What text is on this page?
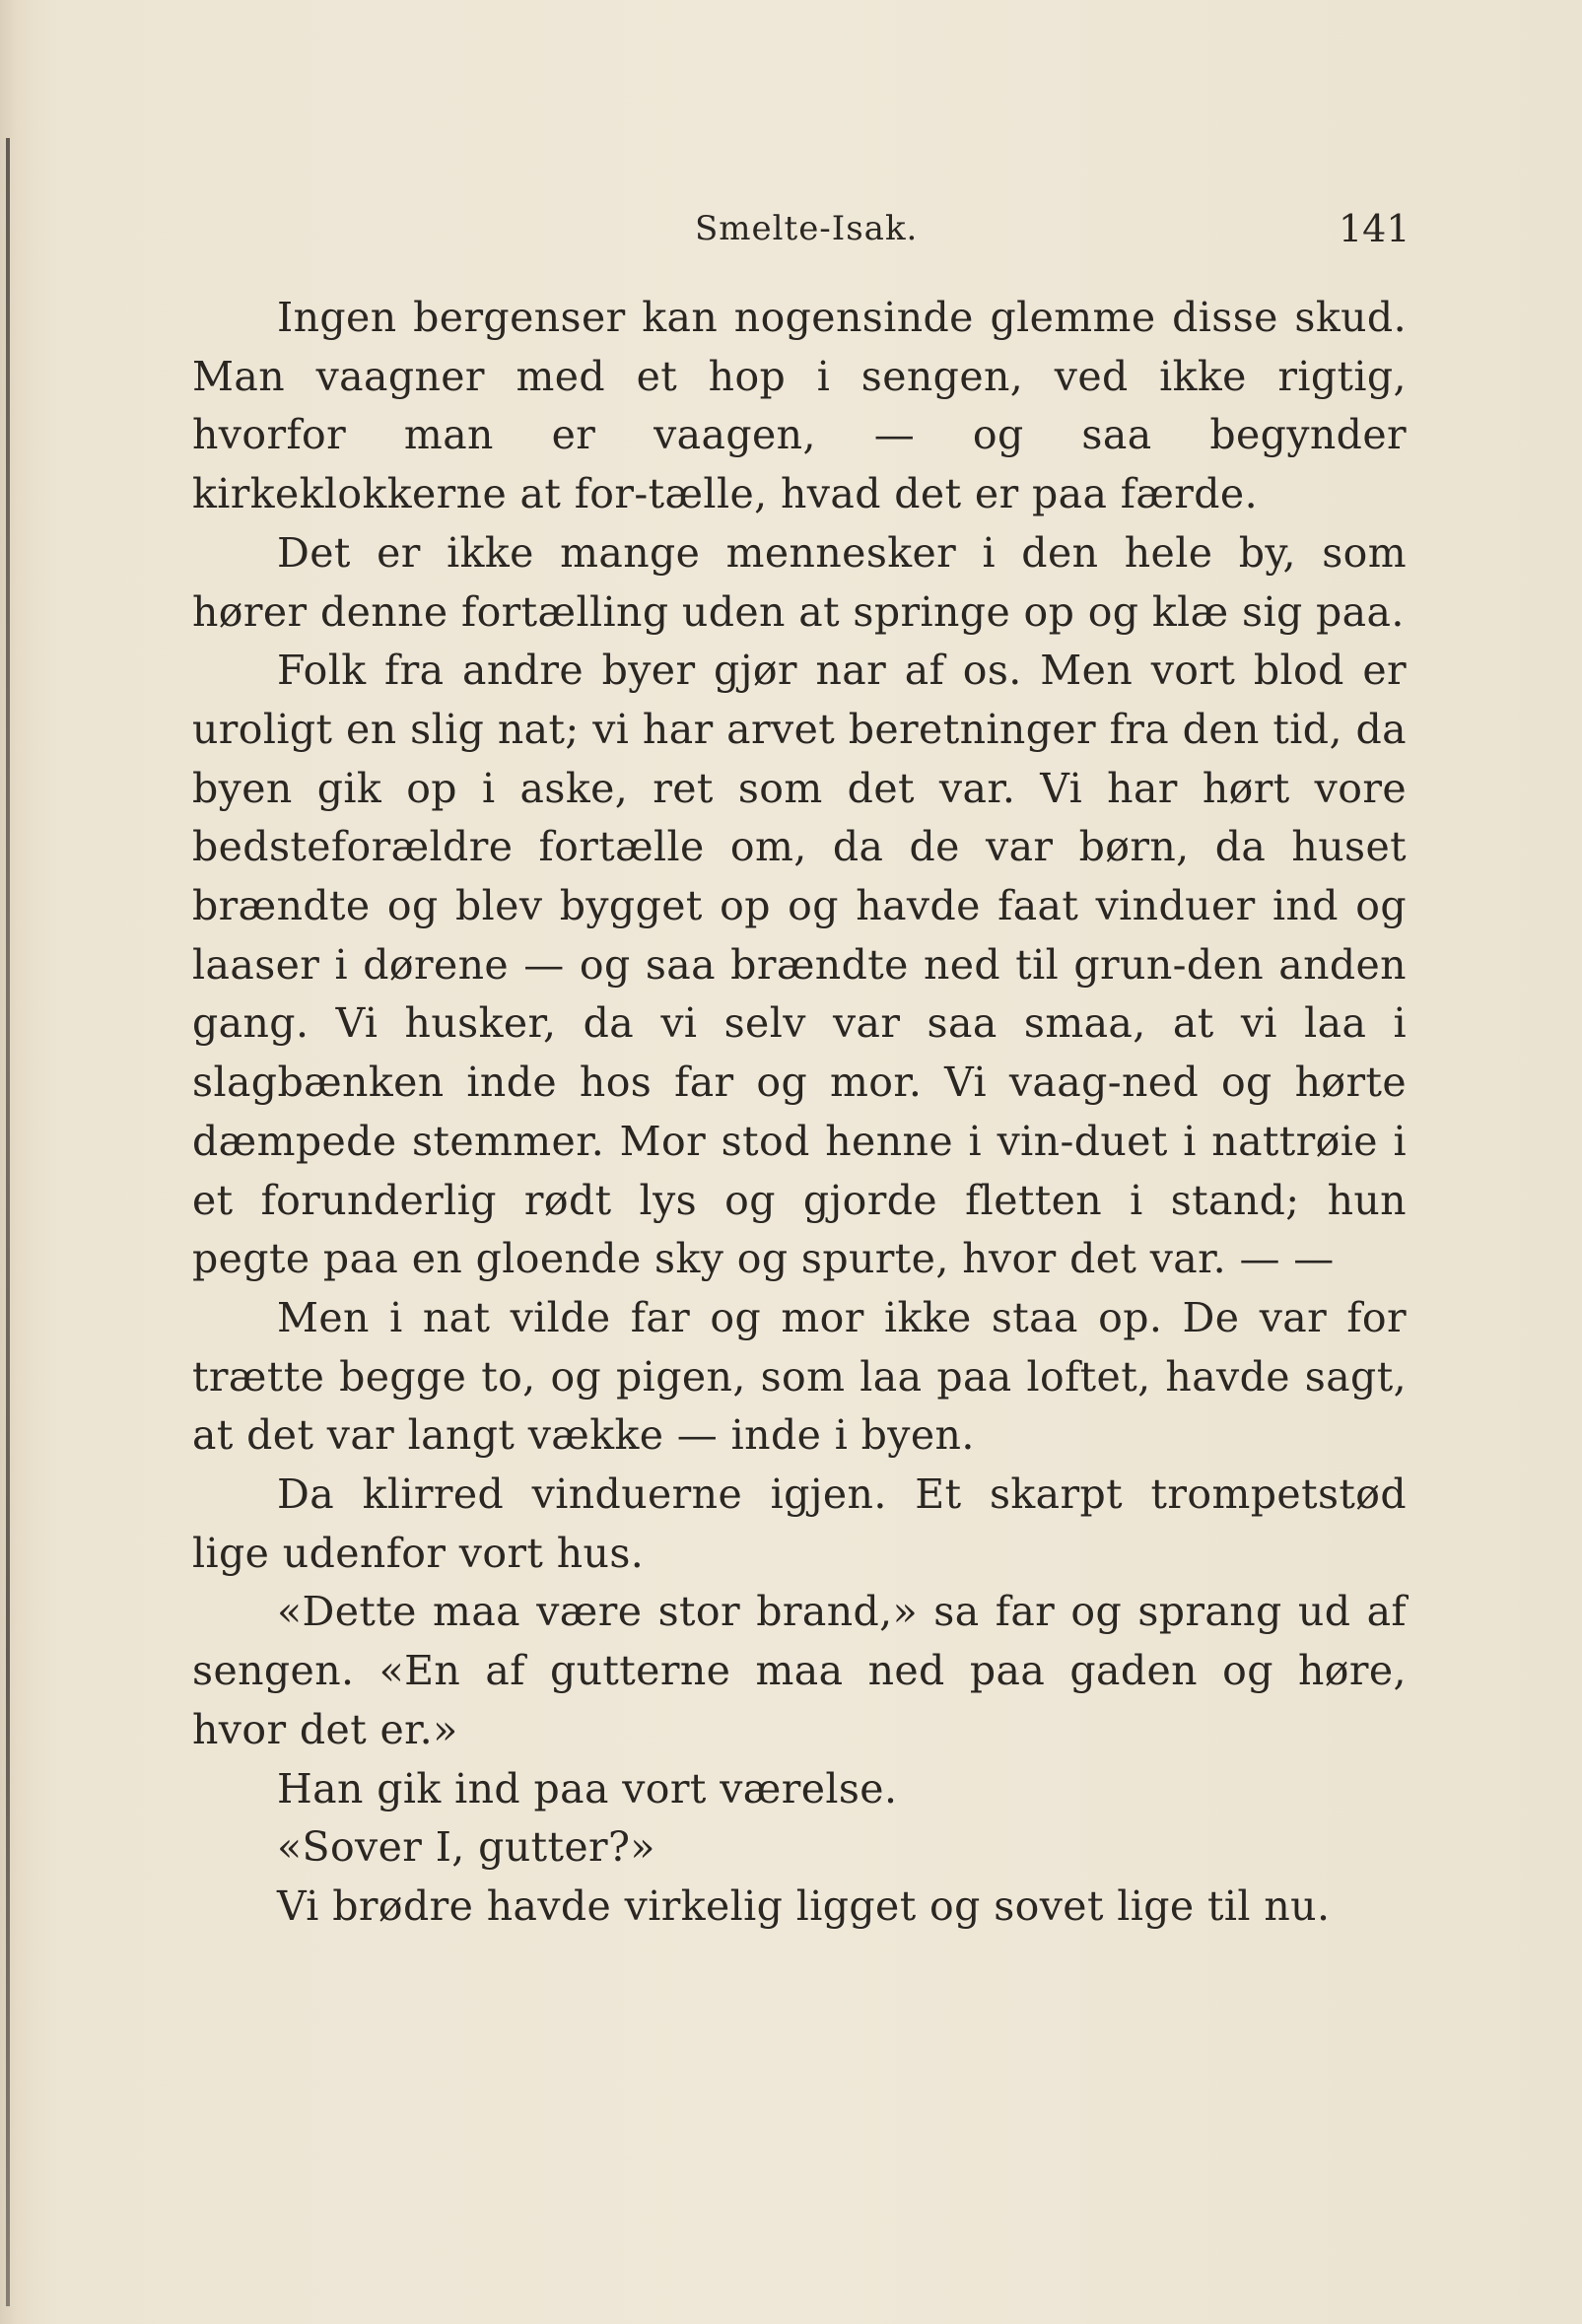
Smelte-Isak.	141

Ingen bergenser kan nogensinde glemme disse skud. Man vaagner med et hop i sengen, ved ikke rigtig, hvorfor man er vaagen, — og saa begynder kirkeklokkerne at for-tælle, hvad det er paa færde.

Det er ikke mange mennesker i den hele by, som hører denne fortælling uden at springe op og klæ sig paa.

Folk fra andre byer gjør nar af os. Men vort blod er uroligt en slig nat; vi har arvet beretninger fra den tid, da byen gik op i aske, ret som det var. Vi har hørt vore bedsteforældre fortælle om, da de var børn, da huset brændte og blev bygget op og havde faat vinduer ind og laaser i dørene — og saa brændte ned til grun-den anden gang. Vi husker, da vi selv var saa smaa, at vi laa i slagbænken inde hos far og mor. Vi vaag-ned og hørte dæmpede stemmer. Mor stod henne i vin-duet i nattrøie i et forunderlig rødt lys og gjorde fletten i stand; hun pegte paa en gloende sky og spurte, hvor det var. — —

Men i nat vilde far og mor ikke staa op. De var for trætte begge to, og pigen, som laa paa loftet, havde sagt, at det var langt vække — inde i byen.

Da klirred vinduerne igjen. Et skarpt trompetstød lige udenfor vort hus.

«Dette maa være stor brand,» sa far og sprang ud af sengen. «En af gutterne maa ned paa gaden og høre, hvor det er.»

Han gik ind paa vort værelse.

«Sover I, gutter?»

Vi brødre havde virkelig ligget og sovet lige til nu.
